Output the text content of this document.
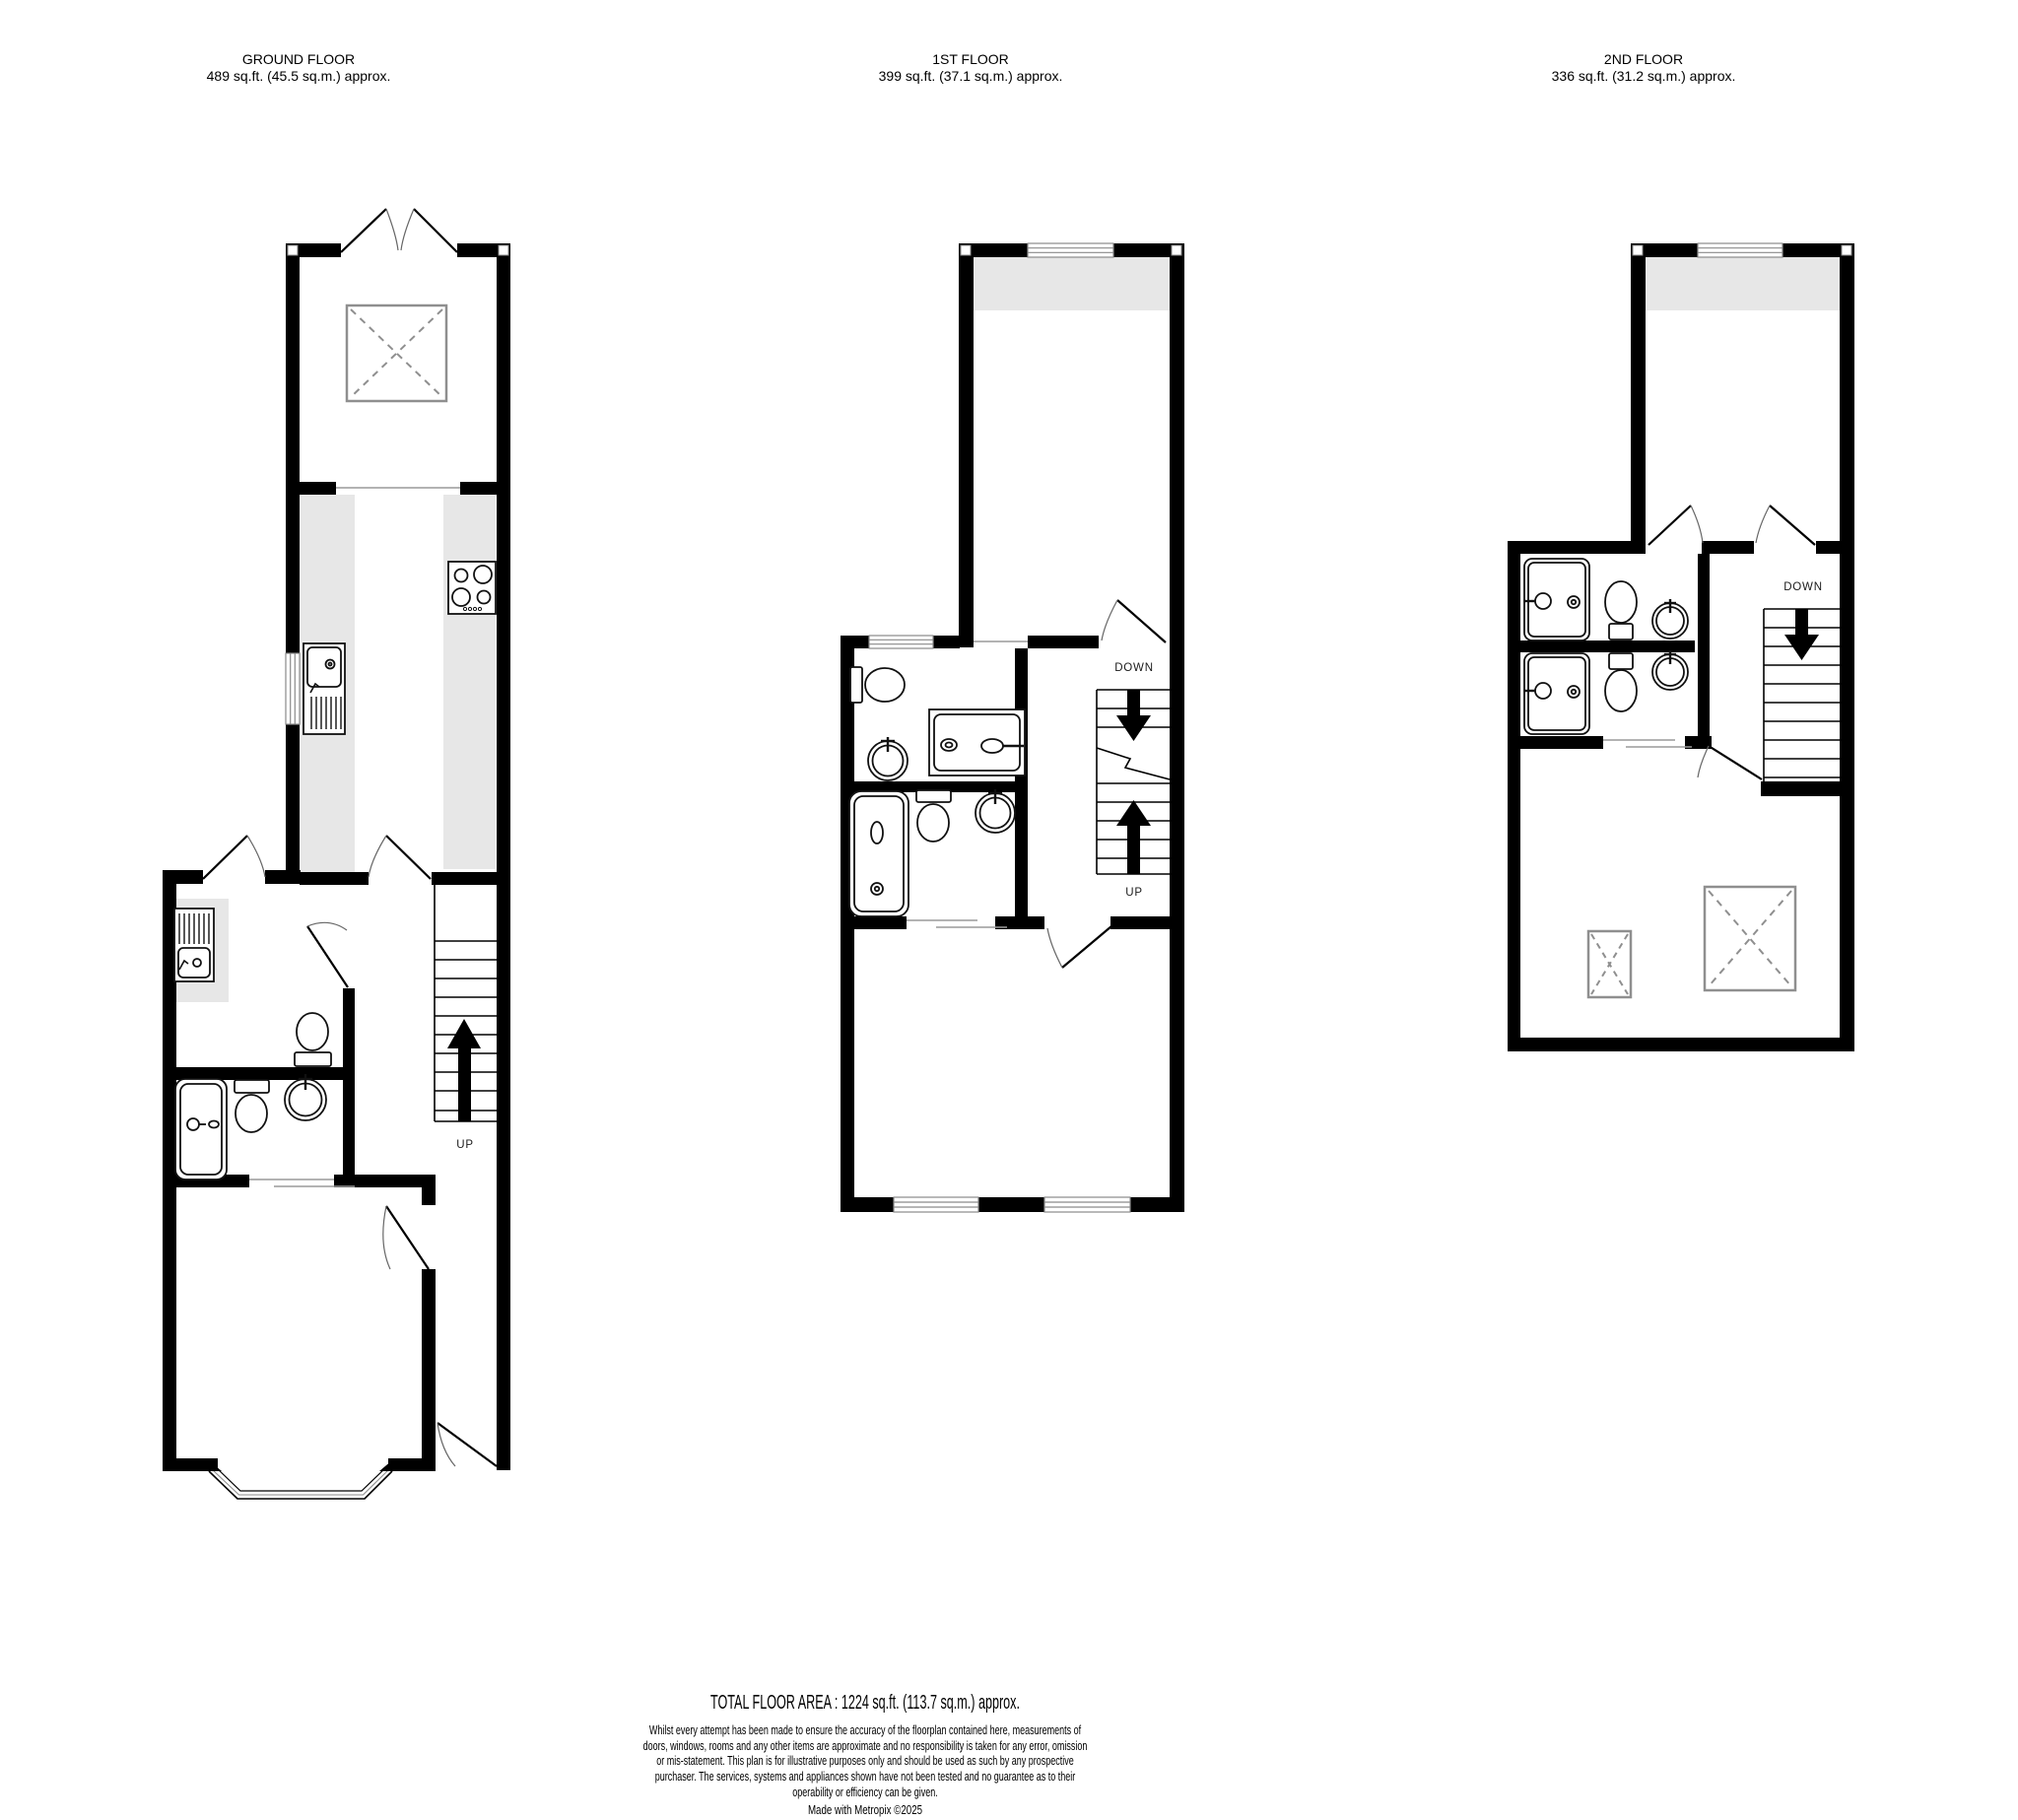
GROUND FLOOR
489 sq.ft. (45.5 sq.m.) approx.
1ST FLOOR
399 sq.ft. (37.1 sq.m.) approx.
2ND FLOOR
336 sq.ft. (31.2 sq.m.) approx.
UP
DOWN
UP
DOWN
TOTAL FLOOR AREA : 1224 sq.ft. (113.7 sq.m.) approx.
Whilst every attempt has been made to ensure the accuracy of the floorplan contained here, measurements of doors, windows, rooms and any other items are approximate and no responsibility is taken for any error, omission or mis-statement. This plan is for illustrative purposes only and should be used as such by any prospective purchaser. The services, systems and appliances shown have not been tested and no guarantee as to their operability or efficiency can be given.
Made with Metropix ©2025
